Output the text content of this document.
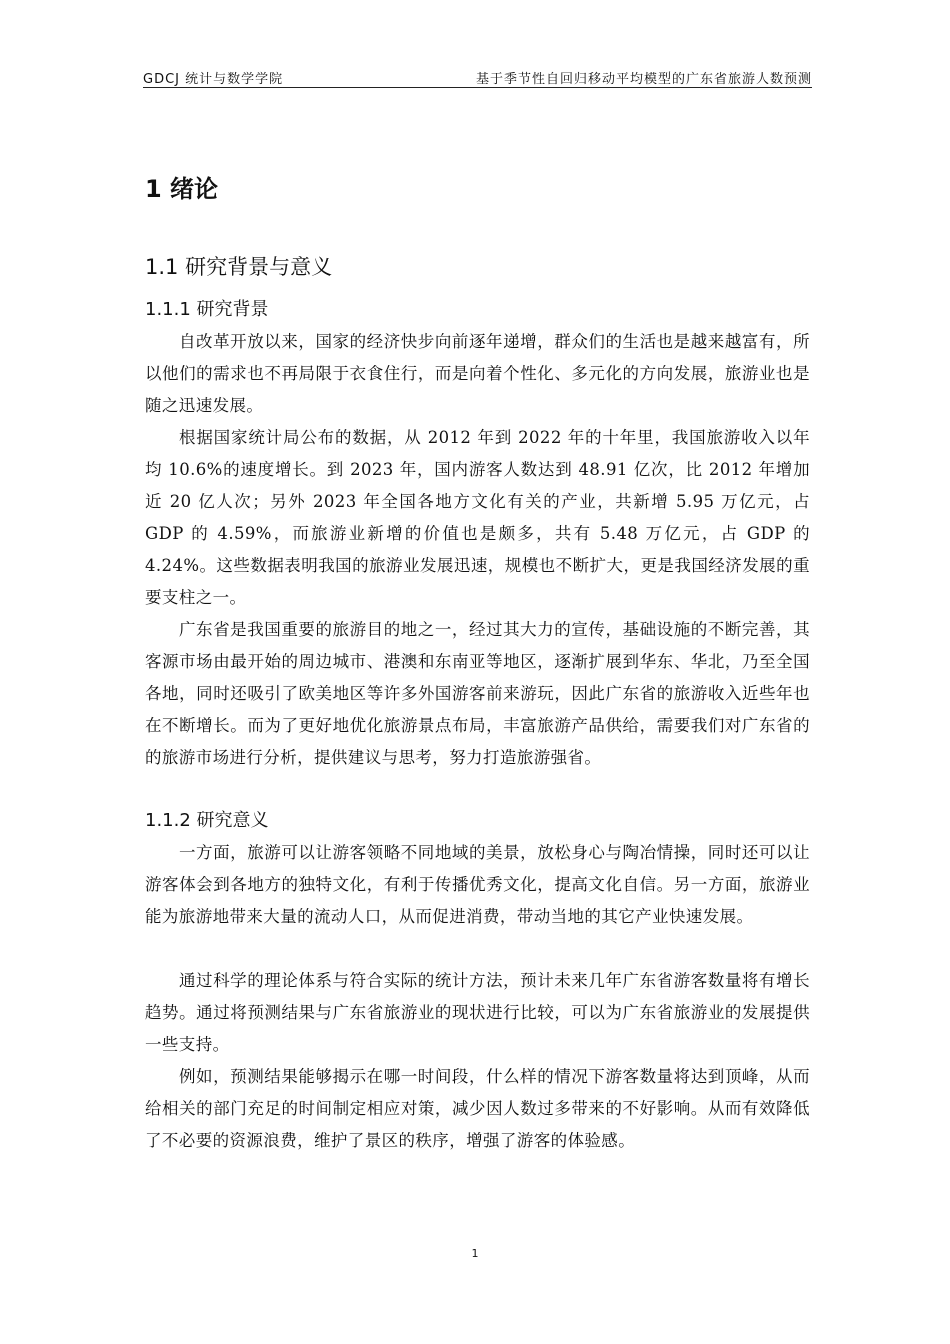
GDCJ 统计与数学学院	基于季节性自回归移动平均模型的广东省旅游人数预测
1 绪论
1.1 研究背景与意义
1.1.1 研究背景

自改革开放以来，国家的经济快步向前逐年递增，群众们的生活也是越来越富有，所以他们的需求也不再局限于衣食住行，而是向着个性化、多元化的方向发展，旅游业也是随之迅速发展。

根据国家统计局公布的数据，从 2012 年到 2022 年的十年里，我国旅游收入以年均 10.6%的速度增长。到 2023 年，国内游客人数达到 48.91 亿次，比 2012 年增加近 20 亿人次；另外 2023 年全国各地方文化有关的产业，共新增 5.95 万亿元，占 GDP 的 4.59%，而旅游业新增的价值也是颇多，共有 5.48 万亿元，占 GDP 的 4.24%。这些数据表明我国的旅游业发展迅速，规模也不断扩大，更是我国经济发展的重要支柱之一。

广东省是我国重要的旅游目的地之一，经过其大力的宣传，基础设施的不断完善，其客源市场由最开始的周边城市、港澳和东南亚等地区，逐渐扩展到华东、华北，乃至全国各地，同时还吸引了欧美地区等许多外国游客前来游玩，因此广东省的旅游收入近些年也在不断增长。而为了更好地优化旅游景点布局，丰富旅游产品供给，需要我们对广东省的的旅游市场进行分析，提供建议与思考，努力打造旅游强省。

1.1.2 研究意义

一方面，旅游可以让游客领略不同地域的美景，放松身心与陶冶情操，同时还可以让游客体会到各地方的独特文化，有利于传播优秀文化，提高文化自信。另一方面，旅游业能为旅游地带来大量的流动人口，从而促进消费，带动当地的其它产业快速发展。

通过科学的理论体系与符合实际的统计方法，预计未来几年广东省游客数量将有增长趋势。通过将预测结果与广东省旅游业的现状进行比较，可以为广东省旅游业的发展提供一些支持。

例如，预测结果能够揭示在哪一时间段，什么样的情况下游客数量将达到顶峰，从而给相关的部门充足的时间制定相应对策，减少因人数过多带来的不好影响。从而有效降低了不必要的资源浪费，维护了景区的秩序，增强了游客的体验感。

1
